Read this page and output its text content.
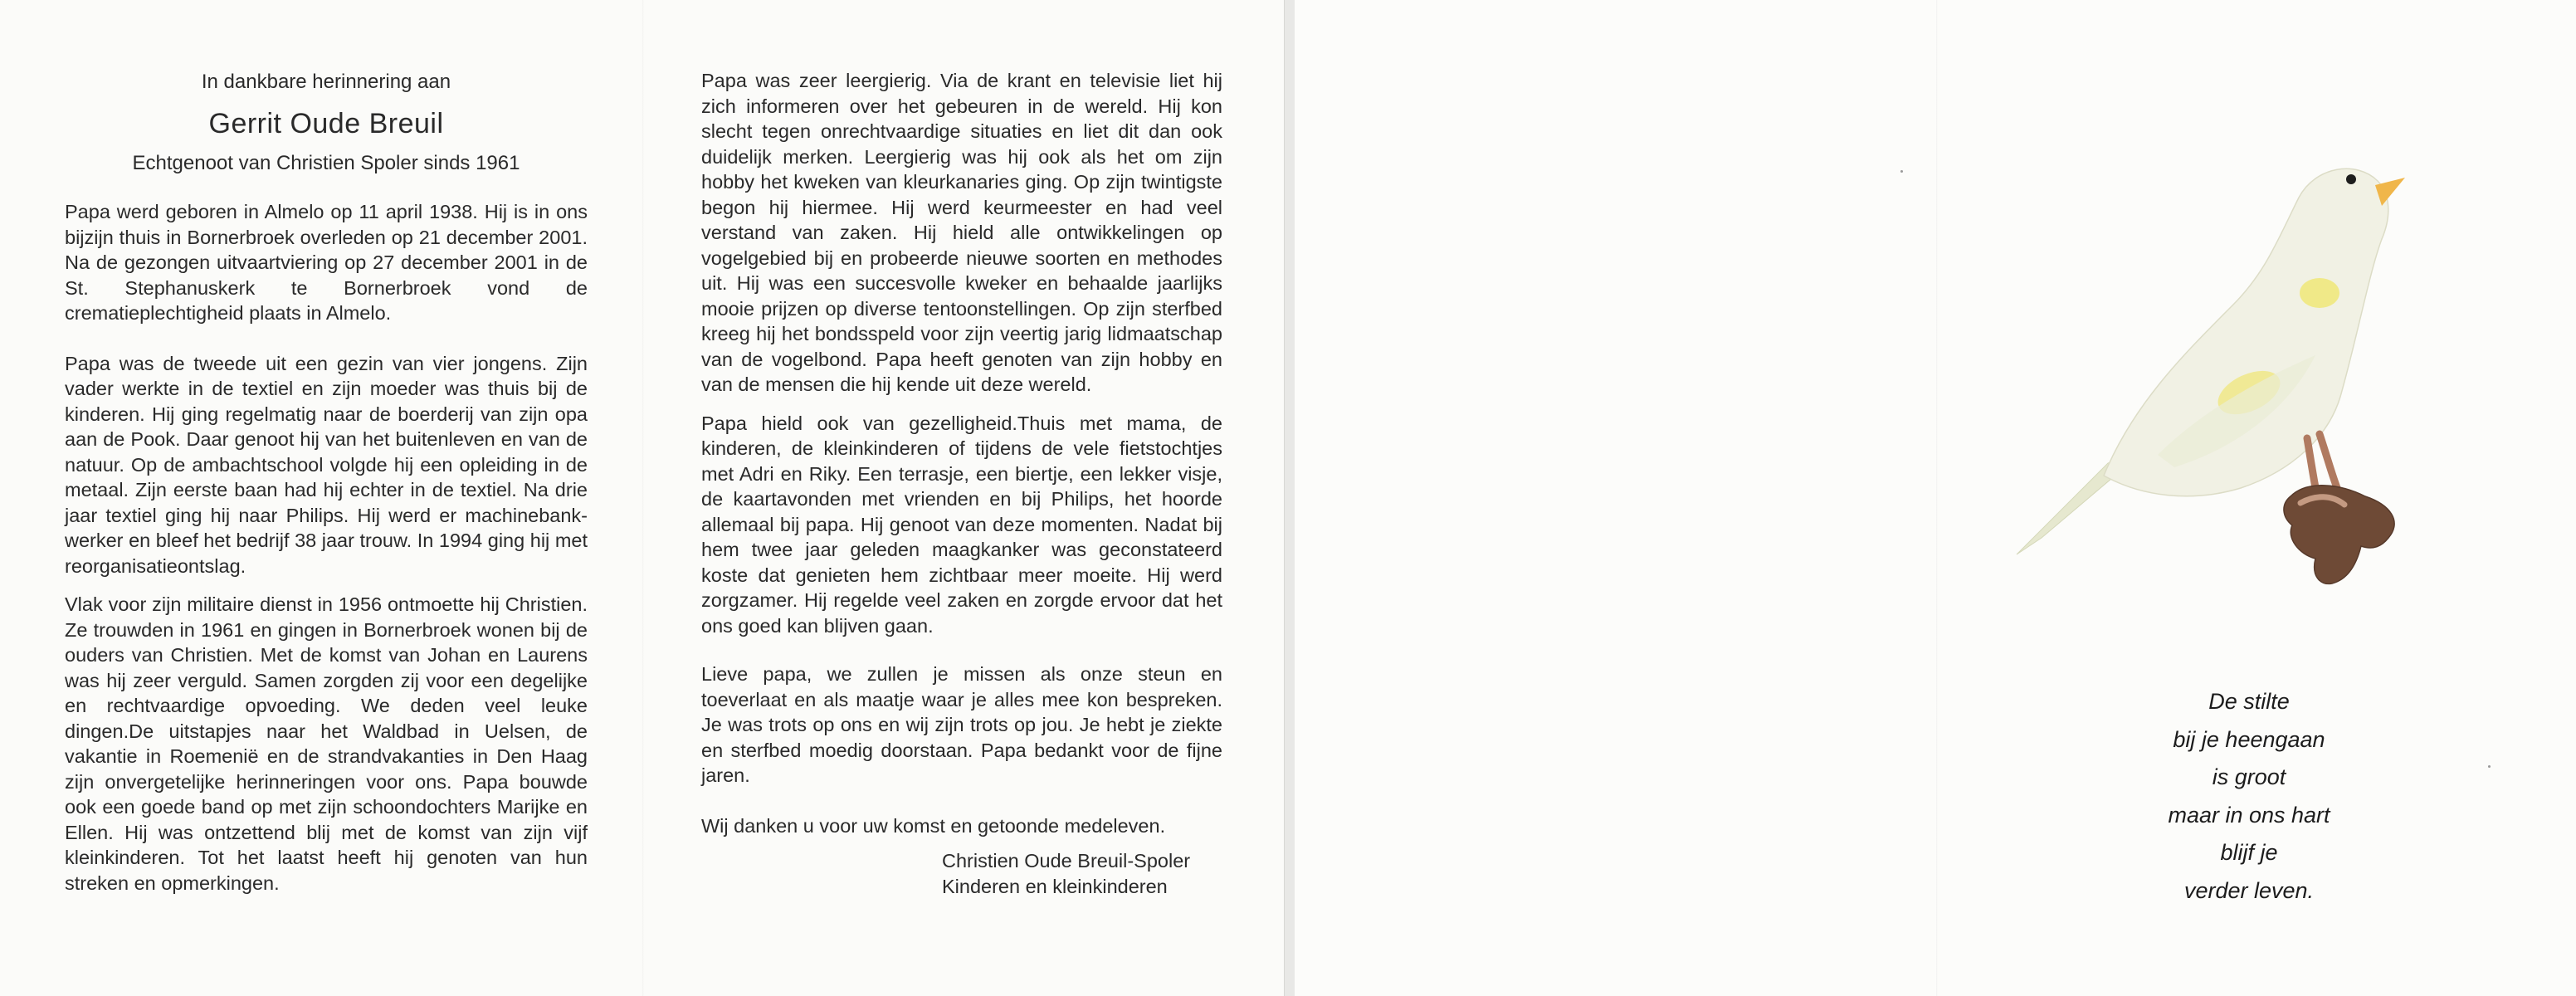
In dankbare herinnering aan

Gerrit Oude Breuil

Echtgenoot van Christien Spoler sinds 1961

Papa werd geboren in Almelo op 11 april 1938. Hij is in ons bijzijn thuis in Bornerbroek overleden op 21 december 2001. Na de gezongen uitvaartviering op 27 december 2001 in de St. Stephanuskerk te Bornerbroek vond de crematieplechtigheid plaats in Almelo.

Papa was de tweede uit een gezin van vier jongens. Zijn vader werkte in de textiel en zijn moeder was thuis bij de kinderen. Hij ging regelmatig naar de boerderij van zijn opa aan de Pook. Daar genoot hij van het buitenleven en van de natuur. Op de ambachtschool volgde hij een opleiding in de metaal. Zijn eerste baan had hij echter in de textiel. Na drie jaar textiel ging hij naar Philips. Hij werd er machinebank-werker en bleef het bedrijf 38 jaar trouw. In 1994 ging hij met reorganisatieontslag.

Vlak voor zijn militaire dienst in 1956 ontmoette hij Christien. Ze trouwden in 1961 en gingen in Bornerbroek wonen bij de ouders van Christien. Met de komst van Johan en Laurens was hij zeer verguld. Samen zorgden zij voor een degelijke en rechtvaardige opvoeding. We deden veel leuke dingen.De uitstapjes naar het Waldbad in Uelsen, de vakantie in Roemenië en de strandvakanties in Den Haag zijn onvergetelijke herinneringen voor ons. Papa bouwde ook een goede band op met zijn schoondochters Marijke en Ellen. Hij was ontzettend blij met de komst van zijn vijf kleinkinderen. Tot het laatst heeft hij genoten van hun streken en opmerkingen.

Papa was zeer leergierig. Via de krant en televisie liet hij zich informeren over het gebeuren in de wereld. Hij kon slecht tegen onrechtvaardige situaties en liet dit dan ook duidelijk merken. Leergierig was hij ook als het om zijn hobby het kweken van kleurkanaries ging. Op zijn twintigste begon hij hiermee. Hij werd keurmeester en had veel verstand van zaken. Hij hield alle ontwikkelingen op vogelgebied bij en probeerde nieuwe soorten en methodes uit. Hij was een succesvolle kweker en behaalde jaarlijks mooie prijzen op diverse tentoonstellingen. Op zijn sterfbed kreeg hij het bondsspeld voor zijn veertig jarig lidmaatschap van de vogelbond. Papa heeft genoten van zijn hobby en van de mensen die hij kende uit deze wereld.

Papa hield ook van gezelligheid.Thuis met mama, de kinderen, de kleinkinderen of tijdens de vele fietstochtjes met Adri en Riky. Een terrasje, een biertje, een lekker visje, de kaartavonden met vrienden en bij Philips, het hoorde allemaal bij papa. Hij genoot van deze momenten. Nadat bij hem twee jaar geleden maagkanker was geconstateerd koste dat genieten hem zichtbaar meer moeite. Hij werd zorgzamer. Hij regelde veel zaken en zorgde ervoor dat het ons goed kan blijven gaan.

Lieve papa, we zullen je missen als onze steun en toeverlaat en als maatje waar je alles mee kon bespreken. Je was trots op ons en wij zijn trots op jou. Je hebt je ziekte en sterfbed moedig doorstaan. Papa bedankt voor de fijne jaren.

Wij danken u voor uw komst en getoonde medeleven.

Christien Oude Breuil-Spoler
Kinderen en kleinkinderen
De stilte
bij je heengaan
is groot
maar in ons hart
blijf je
verder leven.
